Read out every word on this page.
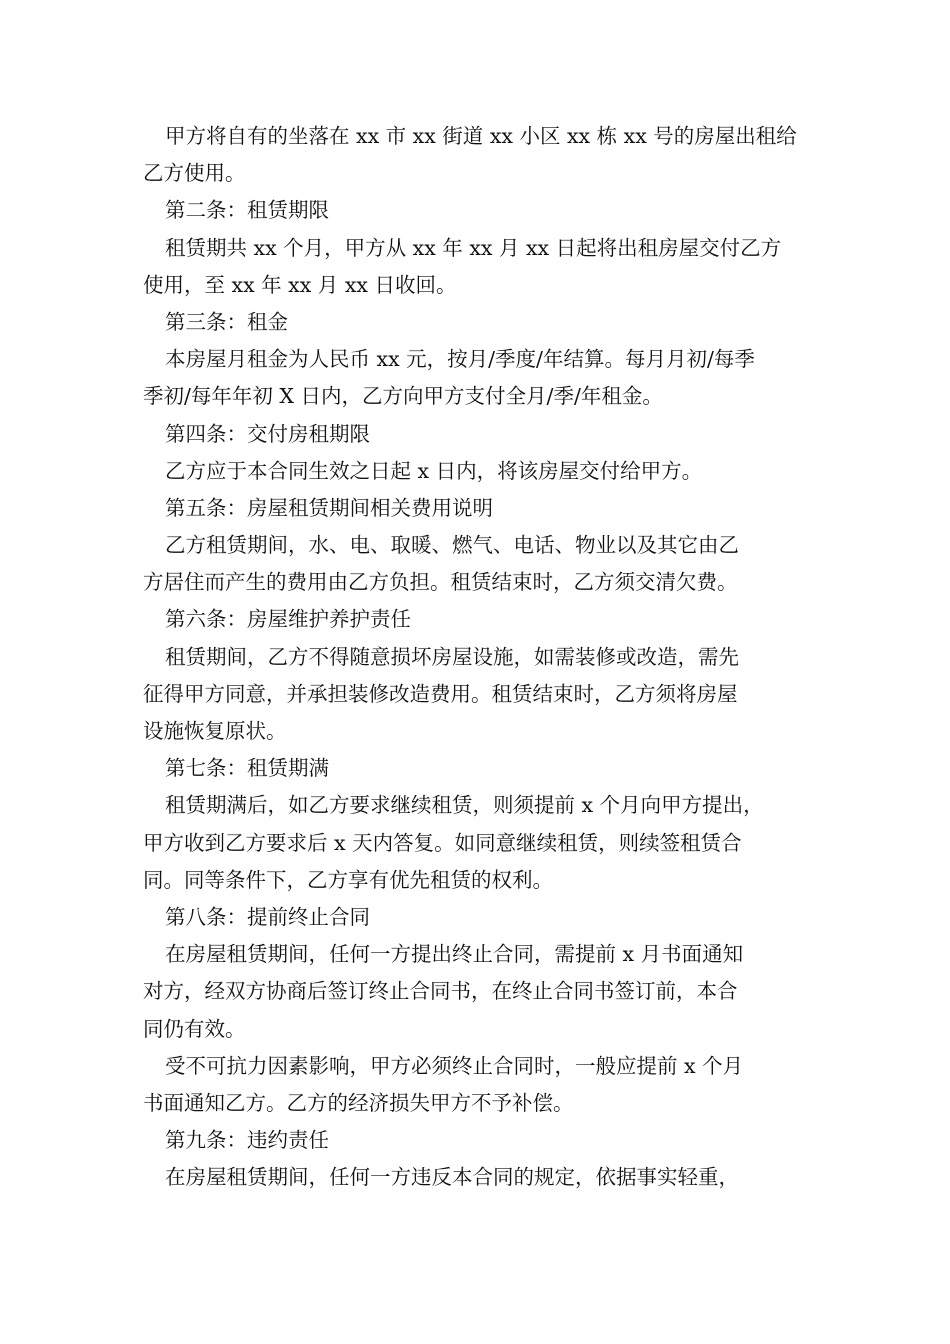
甲方将自有的坐落在 xx 市 xx 街道 xx 小区 xx 栋 xx 号的房屋出租给
乙方使用。
第二条：租赁期限
租赁期共 xx 个月，甲方从 xx 年 xx 月 xx 日起将出租房屋交付乙方
使用，至 xx 年 xx 月 xx 日收回。
第三条：租金
本房屋月租金为人民币 xx 元，按月/季度/年结算。每月月初/每季
季初/每年年初 X 日内，乙方向甲方支付全月/季/年租金。
第四条：交付房租期限
乙方应于本合同生效之日起 x 日内，将该房屋交付给甲方。
第五条：房屋租赁期间相关费用说明
乙方租赁期间，水、电、取暖、燃气、电话、物业以及其它由乙
方居住而产生的费用由乙方负担。租赁结束时，乙方须交清欠费。
第六条：房屋维护养护责任
租赁期间，乙方不得随意损坏房屋设施，如需装修或改造，需先
征得甲方同意，并承担装修改造费用。租赁结束时，乙方须将房屋
设施恢复原状。
第七条：租赁期满
租赁期满后，如乙方要求继续租赁，则须提前 x 个月向甲方提出，
甲方收到乙方要求后 x 天内答复。如同意继续租赁，则续签租赁合
同。同等条件下，乙方享有优先租赁的权利。
第八条：提前终止合同
在房屋租赁期间，任何一方提出终止合同，需提前 x 月书面通知
对方，经双方协商后签订终止合同书，在终止合同书签订前，本合
同仍有效。
受不可抗力因素影响，甲方必须终止合同时，一般应提前 x 个月
书面通知乙方。乙方的经济损失甲方不予补偿。
第九条：违约责任
在房屋租赁期间，任何一方违反本合同的规定，依据事实轻重，
